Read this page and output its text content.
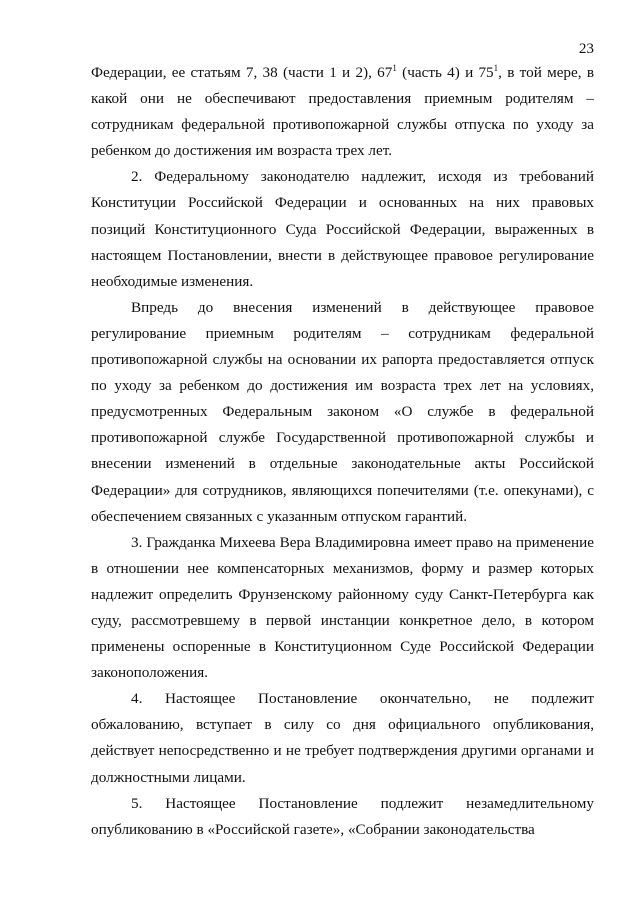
23

Федерации, ее статьям 7, 38 (части 1 и 2), $67^1$ (часть 4) и $75^1$, в той мере, в какой они не обеспечивают предоставления приемным родителям – сотрудникам федеральной противопожарной службы отпуска по уходу за ребенком до достижения им возраста трех лет.

2. Федеральному законодателю надлежит, исходя из требований Конституции Российской Федерации и основанных на них правовых позиций Конституционного Суда Российской Федерации, выраженных в настоящем Постановлении, внести в действующее правовое регулирование необходимые изменения.

Впредь до внесения изменений в действующее правовое регулирование приемным родителям – сотрудникам федеральной противопожарной службы на основании их рапорта предоставляется отпуск по уходу за ребенком до достижения им возраста трех лет на условиях, предусмотренных Федеральным законом «О службе в федеральной противопожарной службе Государственной противопожарной службы и внесении изменений в отдельные законодательные акты Российской Федерации» для сотрудников, являющихся попечителями (т.е. опекунами), с обеспечением связанных с указанным отпуском гарантий.

3. Гражданка Михеева Вера Владимировна имеет право на применение в отношении нее компенсаторных механизмов, форму и размер которых надлежит определить Фрунзенскому районному суду Санкт-Петербурга как суду, рассмотревшему в первой инстанции конкретное дело, в котором применены оспоренные в Конституционном Суде Российской Федерации законоположения.

4. Настоящее Постановление окончательно, не подлежит обжалованию, вступает в силу со дня официального опубликования, действует непосредственно и не требует подтверждения другими органами и должностными лицами.

5. Настоящее Постановление подлежит незамедлительному опубликованию в «Российской газете», «Собрании законодательства
